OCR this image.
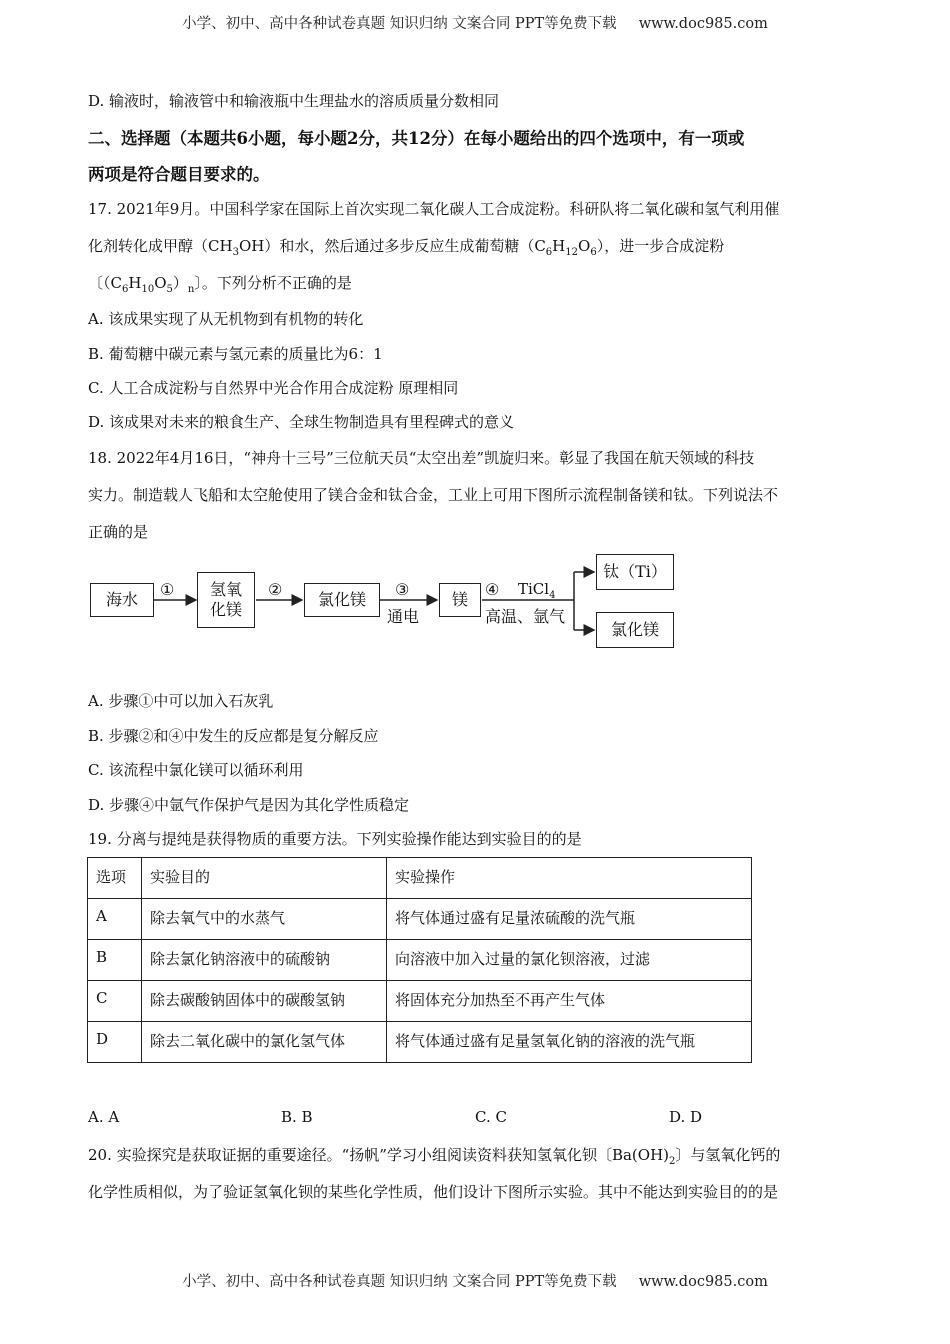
小学、初中、高中各种试卷真题 知识归纳 文案合同 PPT等免费下载 www.doc985.com
D. 输液时，输液管中和输液瓶中生理盐水的溶质质量分数相同
二、选择题（本题共6小题，每小题2分，共12分）在每小题给出的四个选项中，有一项或
两项是符合题目要求的。
17. 2021年9月。中国科学家在国际上首次实现二氧化碳人工合成淀粉。科研队将二氧化碳和氢气利用催
化剂转化成甲醇$(CH_3OH)$和水，然后通过多步反应生成葡萄糖$(C_6H_{12}O_6)$，进一步合成淀粉
〔$(C_6H_{10}O_5)_n$〕。下列分析不正确的是
A. 该成果实现了从无机物到有机物的转化
B. 葡萄糖中碳元素与氢元素的质量比为6：1
C. 人工合成淀粉与自然界中光合作用合成淀粉 原理相同
D. 该成果对未来的粮食生产、全球生物制造具有里程碑式的意义
18. 2022年4月16日，“神舟十三号”三位航天员“太空出差”凯旋归来。彰显了我国在航天领域的科技
实力。制造载人飞船和太空舱使用了镁合金和钛合金，工业上可用下图所示流程制备镁和钛。下列说法不
正确的是
海水
氢氧
化镁
氯化镁	镁
钛（Ti）
氯化镁
①	②	③
通电
④ TiCl$_4$
高温、氩气
A. 步骤①中可以加入石灰乳
B. 步骤②和④中发生的反应都是复分解反应
C. 该流程中氯化镁可以循环利用
D. 步骤④中氩气作保护气是因为其化学性质稳定
19. 分离与提纯是获得物质的重要方法。下列实验操作能达到实验目的的是
选项	实验目的	实验操作
A	除去氧气中的水蒸气	将气体通过盛有足量浓硫酸的洗气瓶
B	除去氯化钠溶液中的硫酸钠	向溶液中加入过量的氯化钡溶液，过滤
C	除去碳酸钠固体中的碳酸氢钠	将固体充分加热至不再产生气体
D	除去二氧化碳中的氯化氢气体	将气体通过盛有足量氢氧化钠的溶液的洗气瓶
A. A	B. B	C. C	D. D
20. 实验探究是获取证据的重要途径。“扬帆”学习小组阅读资料获知氢氧化钡〔$Ba(OH)_2$〕与氢氧化钙的
化学性质相似，为了验证氢氧化钡的某些化学性质，他们设计下图所示实验。其中不能达到实验目的的是
小学、初中、高中各种试卷真题 知识归纳 文案合同 PPT等免费下载 www.doc985.com
